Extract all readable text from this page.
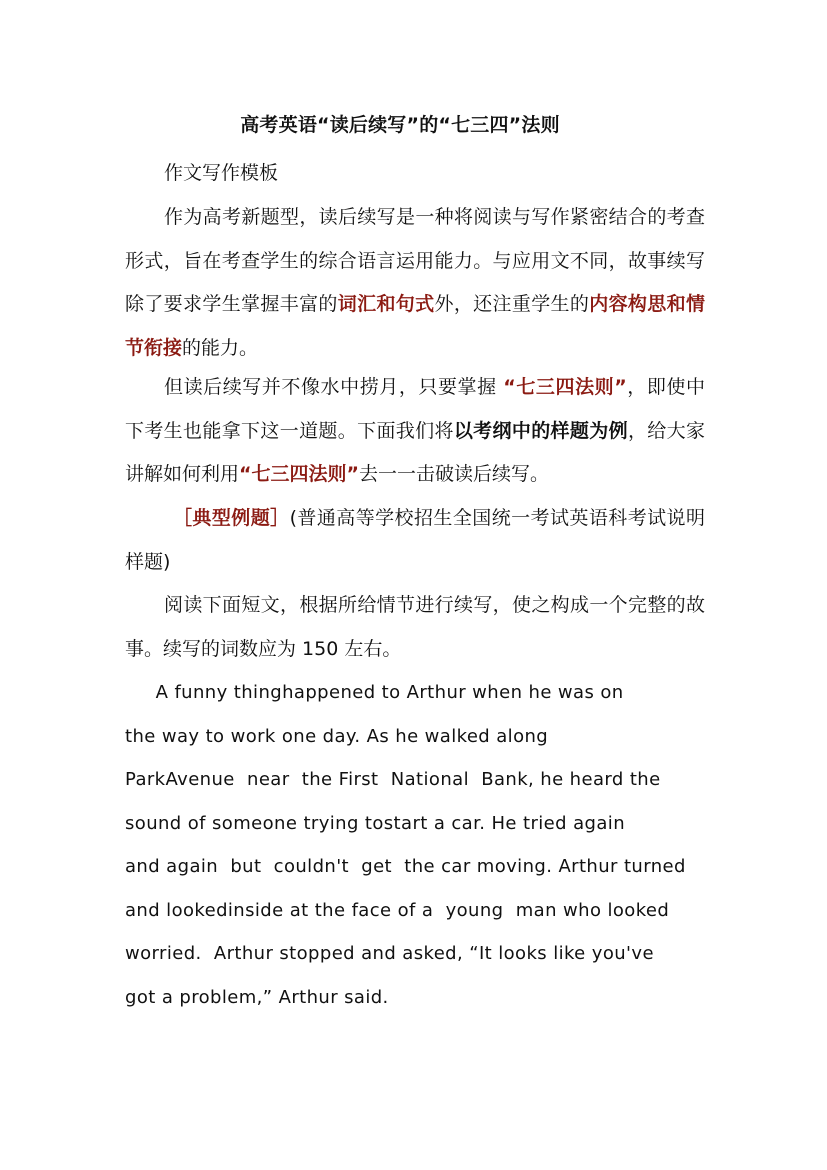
高考英语“读后续写”的“七三四”法则

作文写作模板

作为高考新题型，读后续写是一种将阅读与写作紧密结合的考查形式，旨在考查学生的综合语言运用能力。与应用文不同，故事续写除了要求学生掌握丰富的词汇和句式外，还注重学生的内容构思和情节衔接的能力。

但读后续写并不像水中捞月，只要掌握 “七三四法则”，即使中下考生也能拿下这一道题。下面我们将以考纲中的样题为例，给大家讲解如何利用“七三四法则”去一一击破读后续写。

［典型例题］(普通高等学校招生全国统一考试英语科考试说明样题)

阅读下面短文，根据所给情节进行续写，使之构成一个完整的故事。续写的词数应为 150 左右。

A funny thinghappened to Arthur when he was on
the way to work one day. As he walked along
ParkAvenue  near  the First  National  Bank, he heard the
sound of someone trying tostart a car. He tried again
and again  but  couldn't  get  the car moving. Arthur turned
and lookedinside at the face of a  young  man who looked
worried.  Arthur stopped and asked, “It looks like you've
got a problem,” Arthur said.
